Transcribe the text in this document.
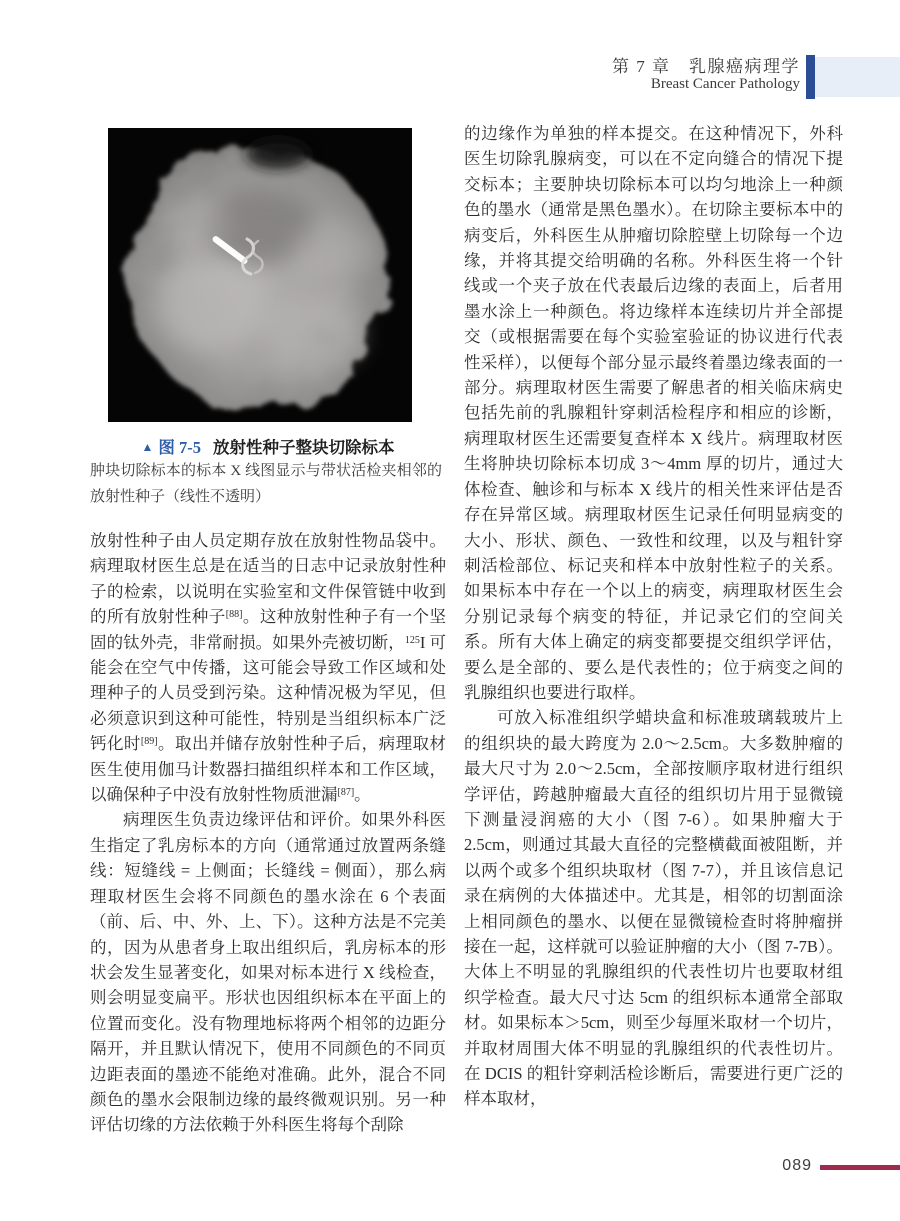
第 7 章　乳腺癌病理学
Breast Cancer Pathology
▲ 图 7-5 放射性种子整块切除标本
肿块切除标本的标本 X 线图显示与带状活检夹相邻的放射性种子（线性不透明）

放射性种子由人员定期存放在放射性物品袋中。病理取材医生总是在适当的日志中记录放射性种子的检索，以说明在实验室和文件保管链中收到的所有放射性种子[88]。这种放射性种子有一个坚固的钛外壳，非常耐损。如果外壳被切断，$^{125}$I 可能会在空气中传播，这可能会导致工作区域和处理种子的人员受到污染。这种情况极为罕见，但必须意识到这种可能性，特别是当组织标本广泛钙化时[89]。取出并储存放射性种子后，病理取材医生使用伽马计数器扫描组织样本和工作区域，以确保种子中没有放射性物质泄漏[87]。

病理医生负责边缘评估和评价。如果外科医生指定了乳房标本的方向（通常通过放置两条缝线：短缝线 = 上侧面；长缝线 = 侧面），那么病理取材医生会将不同颜色的墨水涂在 6 个表面（前、后、中、外、上、下）。这种方法是不完美的，因为从患者身上取出组织后，乳房标本的形状会发生显著变化，如果对标本进行 X 线检查，则会明显变扁平。形状也因组织标本在平面上的位置而变化。没有物理地标将两个相邻的边距分隔开，并且默认情况下，使用不同颜色的不同页边距表面的墨迹不能绝对准确。此外，混合不同颜色的墨水会限制边缘的最终微观识别。另一种评估切缘的方法依赖于外科医生将每个刮除

的边缘作为单独的样本提交。在这种情况下，外科医生切除乳腺病变，可以在不定向缝合的情况下提交标本；主要肿块切除标本可以均匀地涂上一种颜色的墨水（通常是黑色墨水）。在切除主要标本中的病变后，外科医生从肿瘤切除腔壁上切除每一个边缘，并将其提交给明确的名称。外科医生将一个针线或一个夹子放在代表最后边缘的表面上，后者用墨水涂上一种颜色。将边缘样本连续切片并全部提交（或根据需要在每个实验室验证的协议进行代表性采样），以便每个部分显示最终着墨边缘表面的一部分。病理取材医生需要了解患者的相关临床病史包括先前的乳腺粗针穿刺活检程序和相应的诊断，病理取材医生还需要复查样本 X 线片。病理取材医生将肿块切除标本切成 3～4mm 厚的切片，通过大体检查、触诊和与标本 X 线片的相关性来评估是否存在异常区域。病理取材医生记录任何明显病变的大小、形状、颜色、一致性和纹理，以及与粗针穿刺活检部位、标记夹和样本中放射性粒子的关系。如果标本中存在一个以上的病变，病理取材医生会分别记录每个病变的特征，并记录它们的空间关系。所有大体上确定的病变都要提交组织学评估，要么是全部的、要么是代表性的；位于病变之间的乳腺组织也要进行取样。

可放入标准组织学蜡块盒和标准玻璃载玻片上的组织块的最大跨度为 2.0～2.5cm。大多数肿瘤的最大尺寸为 2.0～2.5cm，全部按顺序取材进行组织学评估，跨越肿瘤最大直径的组织切片用于显微镜下测量浸润癌的大小（图 7-6）。如果肿瘤大于 2.5cm，则通过其最大直径的完整横截面被阻断，并以两个或多个组织块取材（图 7-7），并且该信息记录在病例的大体描述中。尤其是，相邻的切割面涂上相同颜色的墨水、以便在显微镜检查时将肿瘤拼接在一起，这样就可以验证肿瘤的大小（图 7-7B）。大体上不明显的乳腺组织的代表性切片也要取材组织学检查。最大尺寸达 5cm 的组织标本通常全部取材。如果标本＞5cm，则至少每厘米取材一个切片，并取材周围大体不明显的乳腺组织的代表性切片。在 DCIS 的粗针穿刺活检诊断后，需要进行更广泛的样本取材，

089
